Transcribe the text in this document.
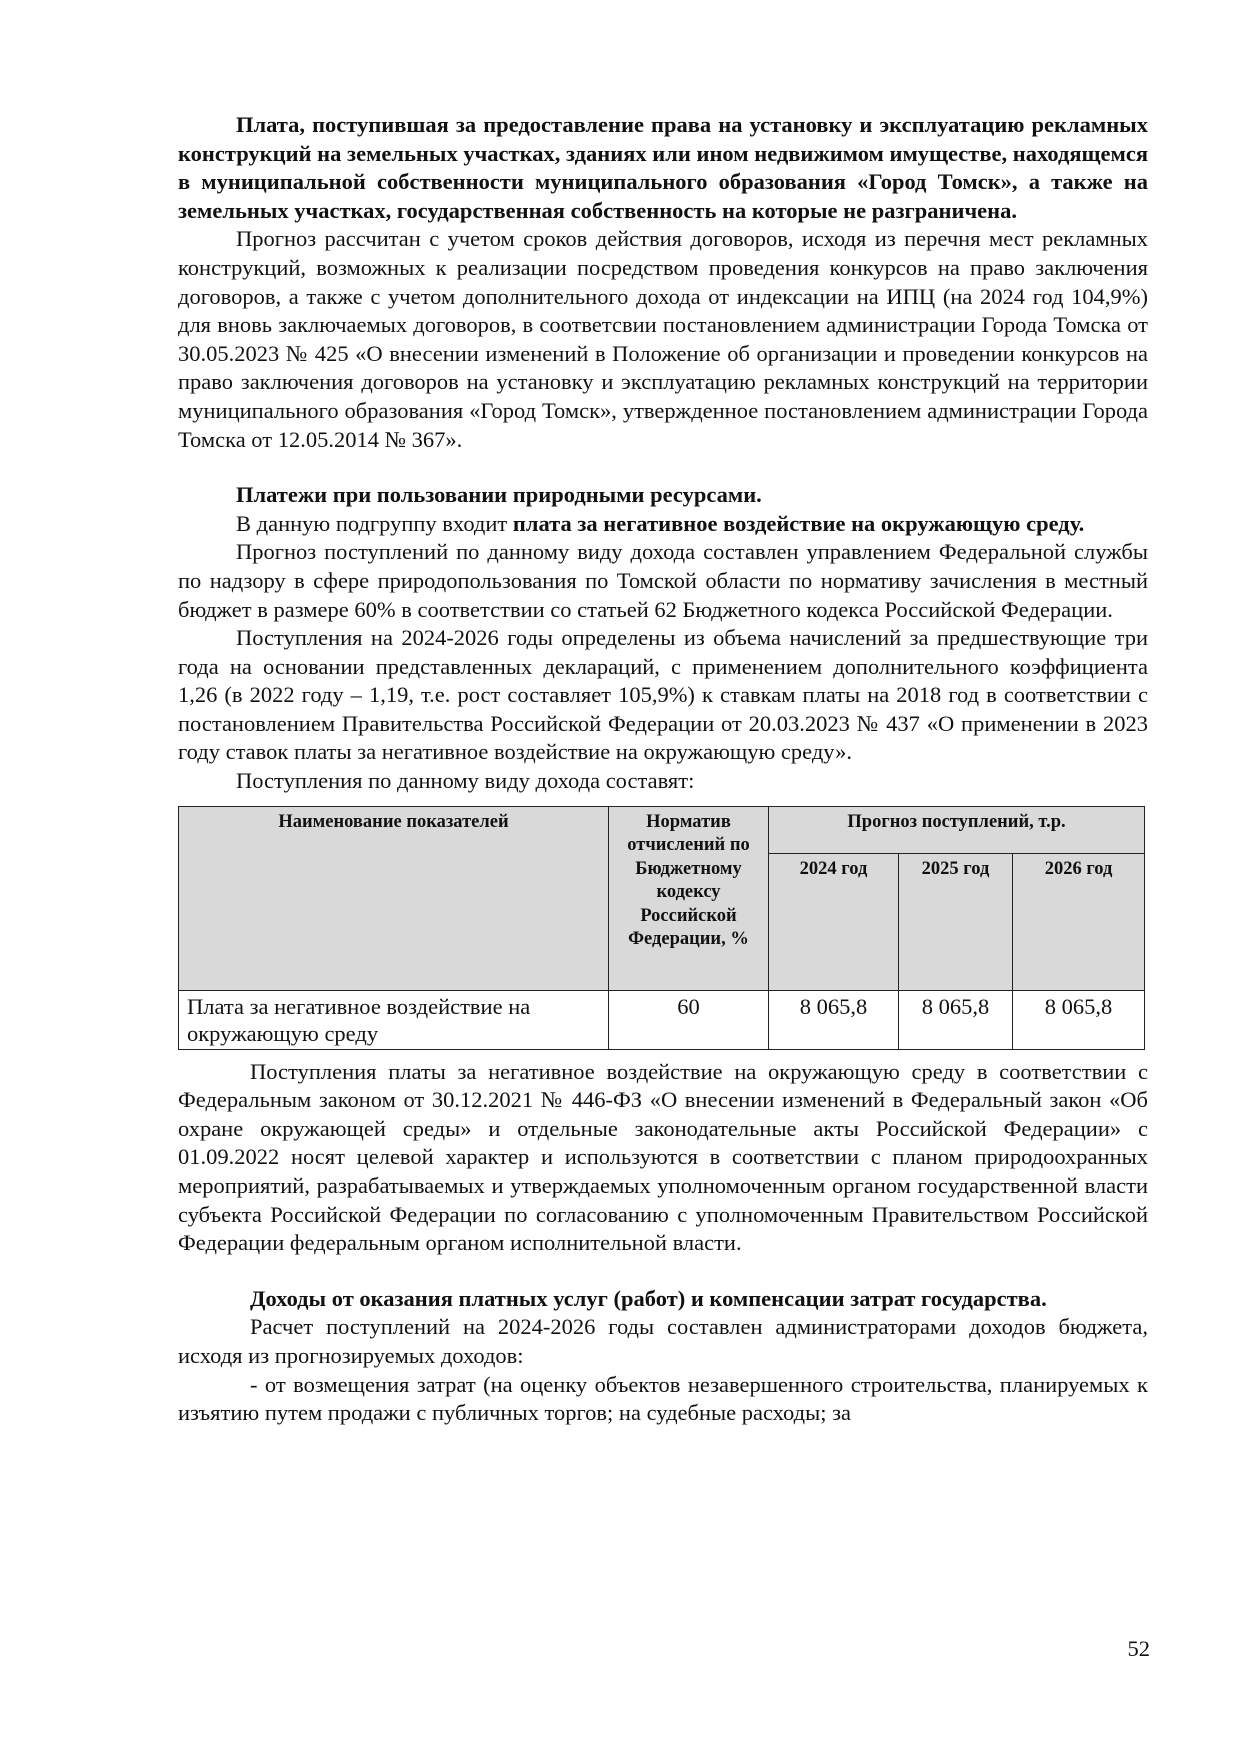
Плата, поступившая за предоставление права на установку и эксплуатацию рекламных конструкций на земельных участках, зданиях или ином недвижимом имуществе, находящемся в муниципальной собственности муниципального образования «Город Томск», а также на земельных участках, государственная собственность на которые не разграничена.

Прогноз рассчитан с учетом сроков действия договоров, исходя из перечня мест рекламных конструкций, возможных к реализации посредством проведения конкурсов на право заключения договоров, а также с учетом дополнительного дохода от индексации на ИПЦ (на 2024 год 104,9%) для вновь заключаемых договоров, в соответсвии постановлением администрации Города Томска от 30.05.2023 № 425 «О внесении изменений в Положение об организации и проведении конкурсов на право заключения договоров на установку и эксплуатацию рекламных конструкций на территории муниципального образования «Город Томск», утвержденное постановлением администрации Города Томска от 12.05.2014 № 367».

Платежи при пользовании природными ресурсами.

В данную подгруппу входит плата за негативное воздействие на окружающую среду.

Прогноз поступлений по данному виду дохода составлен управлением Федеральной службы по надзору в сфере природопользования по Томской области по нормативу зачисления в местный бюджет в размере 60% в соответствии со статьей 62 Бюджетного кодекса Российской Федерации.

Поступления на 2024-2026 годы определены из объема начислений за предшествующие три года на основании представленных деклараций, с применением дополнительного коэффициента 1,26 (в 2022 году – 1,19, т.е. рост составляет 105,9%) к ставкам платы на 2018 год в соответствии с постановлением Правительства Российской Федерации от 20.03.2023 № 437 «О применении в 2023 году ставок платы за негативное воздействие на окружающую среду».

Поступления по данному виду дохода составят:

Наименование показателей	Норматив отчислений по Бюджетному кодексу Российской Федерации, %	Прогноз поступлений, т.р.		
		2024 год	2025 год	2026 год
Плата за негативное воздействие на окружающую среду	60	8 065,8	8 065,8	8 065,8

Поступления платы за негативное воздействие на окружающую среду в соответствии с Федеральным законом от 30.12.2021 № 446-ФЗ «О внесении изменений в Федеральный закон «Об охране окружающей среды» и отдельные законодательные акты Российской Федерации» с 01.09.2022 носят целевой характер и используются в соответствии с планом природоохранных мероприятий, разрабатываемых и утверждаемых уполномоченным органом государственной власти субъекта Российской Федерации по согласованию с уполномоченным Правительством Российской Федерации федеральным органом исполнительной власти.

Доходы от оказания платных услуг (работ) и компенсации затрат государства.

Расчет поступлений на 2024-2026 годы составлен администраторами доходов бюджета, исходя из прогнозируемых доходов:

- от возмещения затрат (на оценку объектов незавершенного строительства, планируемых к изъятию путем продажи с публичных торгов; на судебные расходы; за

52
